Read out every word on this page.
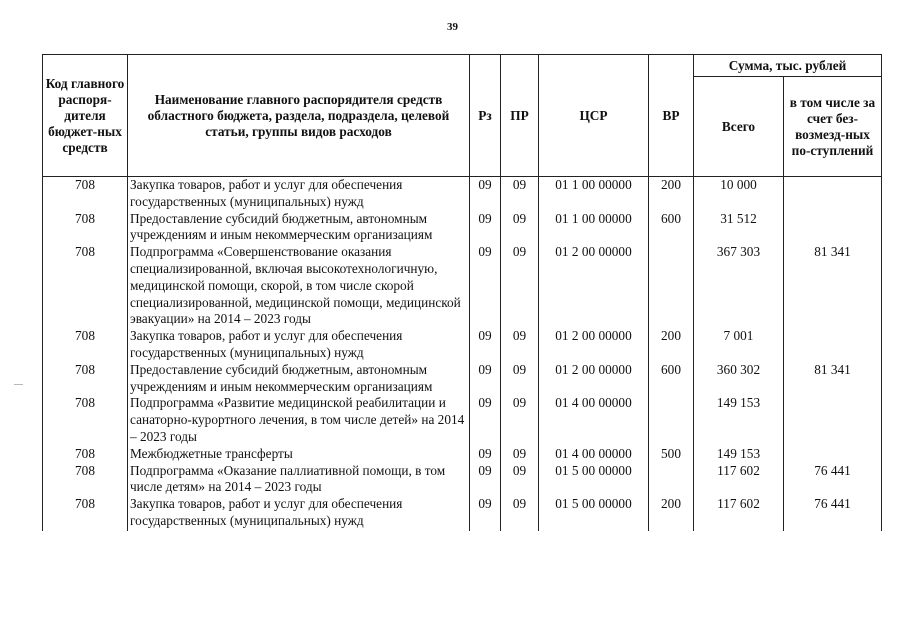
39
Код главного распоря-дителя бюджет-ных средств	Наименование главного распорядителя средств областного бюджета, раздела, подраздела, целевой статьи, группы видов расходов	Рз	ПР	ЦСР	ВР	Сумма, тыс. рублей	
						Всего	в том числе за счет без-возмезд-ных по-ступлений
708	Закупка товаров, работ и услуг для обеспечения государственных (муниципальных) нужд	09	09	01 1 00 00000	200	10 000	
708	Предоставление субсидий бюджетным, автономным учреждениям и иным некоммерческим организациям	09	09	01 1 00 00000	600	31 512	
708	Подпрограмма «Совершенствование оказания специализированной, включая высокотехнологичную, медицинской помощи, скорой, в том числе скорой специализированной, медицинской помощи, медицинской эвакуации» на 2014 – 2023 годы	09	09	01 2 00 00000		367 303	81 341
708	Закупка товаров, работ и услуг для обеспечения государственных (муниципальных) нужд	09	09	01 2 00 00000	200	7 001	
708	Предоставление субсидий бюджетным, автономным учреждениям и иным некоммерческим организациям	09	09	01 2 00 00000	600	360 302	81 341
708	Подпрограмма «Развитие медицинской реабилитации и санаторно-курортного лечения, в том числе детей» на 2014 – 2023 годы	09	09	01 4 00 00000		149 153	
708	Межбюджетные трансферты	09	09	01 4 00 00000	500	149 153	
708	Подпрограмма «Оказание паллиативной помощи, в том числе детям» на 2014 – 2023 годы	09	09	01 5 00 00000		117 602	76 441
708	Закупка товаров, работ и услуг для обеспечения государственных (муниципальных) нужд	09	09	01 5 00 00000	200	117 602	76 441
